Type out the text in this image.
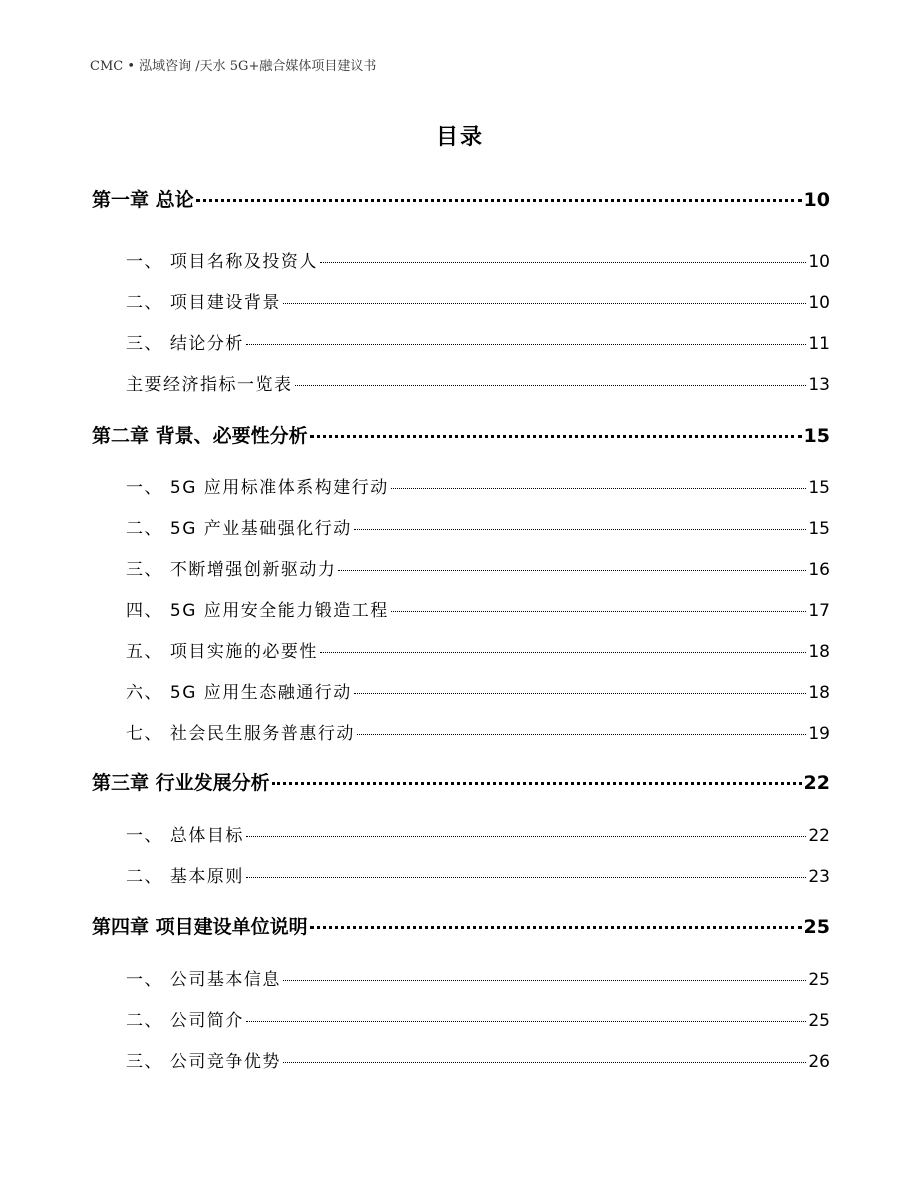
CMC • 泓域咨询 /天水 5G+融合媒体项目建议书
目录
第一章 总论	10
一、 项目名称及投资人	10
二、 项目建设背景	10
三、 结论分析	11
主要经济指标一览表	13
第二章 背景、必要性分析	15
一、 5G 应用标准体系构建行动	15
二、 5G 产业基础强化行动	15
三、 不断增强创新驱动力	16
四、 5G 应用安全能力锻造工程	17
五、 项目实施的必要性	18
六、 5G 应用生态融通行动	18
七、 社会民生服务普惠行动	19
第三章 行业发展分析	22
一、 总体目标	22
二、 基本原则	23
第四章 项目建设单位说明	25
一、 公司基本信息	25
二、 公司简介	25
三、 公司竞争优势	26
